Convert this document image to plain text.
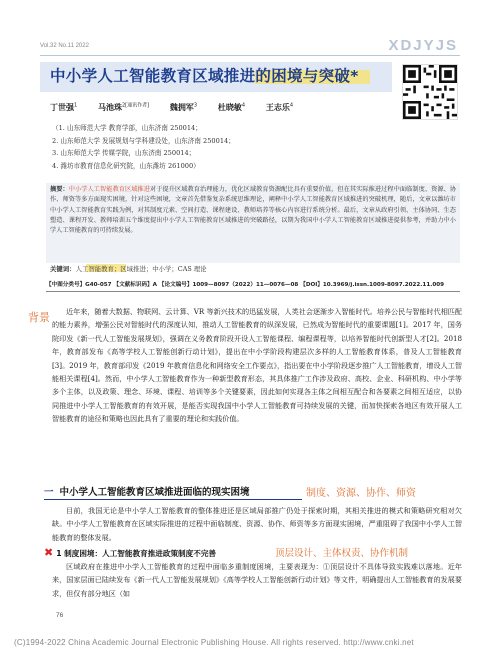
Vol.32 No.11 2022	XDJYJS
中小学人工智能教育区域推进的困境与突破*
丁世强$^1$	马池珠$^{2[通讯作者]}$	魏拥军$^3$	杜晓敏$^4$	王志乐$^4$
（1. 山东师范大学 教育学部，山东济南 250014；
2. 山东师范大学 发展规划与学科建设处，山东济南 250014；
3. 山东师范大学 传媒学院，山东济南 250014；
4. 潍坊市教育信息化研究院，山东潍坊 261000）
摘要：中小学人工智能教育区域推进对于提升区域教育治理能力，优化区域教育资源配比具有重要价值，但在其实际推进过程中面临制度、资源、协作、师资等多方面现实困境，针对这些困境，文章首先借鉴复杂系统思维理论，阐释中小学人工智能教育区域推进的突破机理，随后，文章以潍坊市中小学人工智能教育实践为例，对其制度元素、空间打造、课程建设、教师培养等核心内容进行系统分析。最后，文章从政府引领、主体协同、生态塑造、课程开发、教师培训五个维度提出中小学人工智能教育区域推进的突破路径，以期为我国中小学人工智能教育区域推进提供参考，并助力中小学人工智能教育的可持续发展。
关键词：人工智能教育；区域推进；中小学；CAS 理论
【中图分类号】G40-057 【文献标识码】A 【论文编号】1009—8097（2022）11—0076—08 【DOI】10.3969/j.issn.1009-8097.2022.11.009
背景	近年来，随着大数据、物联网、云计算、VR 等新兴技术的迅猛发展，人类社会逐渐步入智能时代。培养公民与智能时代相匹配的能力素养，增强公民对智能时代的深度认知，推动人工智能教育的纵深发展，已然成为智能时代的重要课题[1]。2017 年，国务院印发《新一代人工智能发展规划》，强调在义务教育阶段开设人工智能课程、编程课程等，以培养智能时代创新型人才[2]。2018 年，教育部发布《高等学校人工智能创新行动计划》，提出在中小学阶段构建层次多样的人工智能教育体系，普及人工智能教育[3]。2019 年，教育部印发《2019 年教育信息化和网络安全工作要点》，指出要在中小学阶段逐步推广人工智能教育，增设人工智能相关课程[4]。然而，中小学人工智能教育作为一种新型教育形态，其具体推广工作涉及政府、高校、企业、科研机构、中小学等多个主体，以及政策、理念、环境、课程、培训等多个关键要素，因此如何实现各主体之间相互配合和各要素之间相互适应，以协同推进中小学人工智能教育的有效开展，是能否实现我国中小学人工智能教育可持续发展的关键，而加快探索各地区有效开展人工智能教育的途径和策略也因此具有了重要的理论和实践价值。
一 中小学人工智能教育区域推进面临的现实困境	制度、资源、协作、师资
目前，我国无论是中小学人工智能教育的整体推进还是区域局部推广仍处于探索时期，其相关推进的模式和策略研究相对欠缺。中小学人工智能教育在区域实际推进的过程中面临制度、资源、协作、师资等多方面现实困境，严重阻碍了我国中小学人工智能教育的整体发展。
✖ 1 制度困境：人工智能教育推进政策制度不完善	顶层设计、主体权责、协作机制
区域政府在推进中小学人工智能教育的过程中面临多重制度困境，主要表现为：①顶层设计不具体导致实践难以落地。近年来，国家层面已陆续发布《新一代人工智能发展规划》《高等学校人工智能创新行动计划》等文件，明确提出人工智能教育的发展要求，但仅有部分地区（如
76
(C)1994-2022 China Academic Journal Electronic Publishing House. All rights reserved. http://www.cnki.net
